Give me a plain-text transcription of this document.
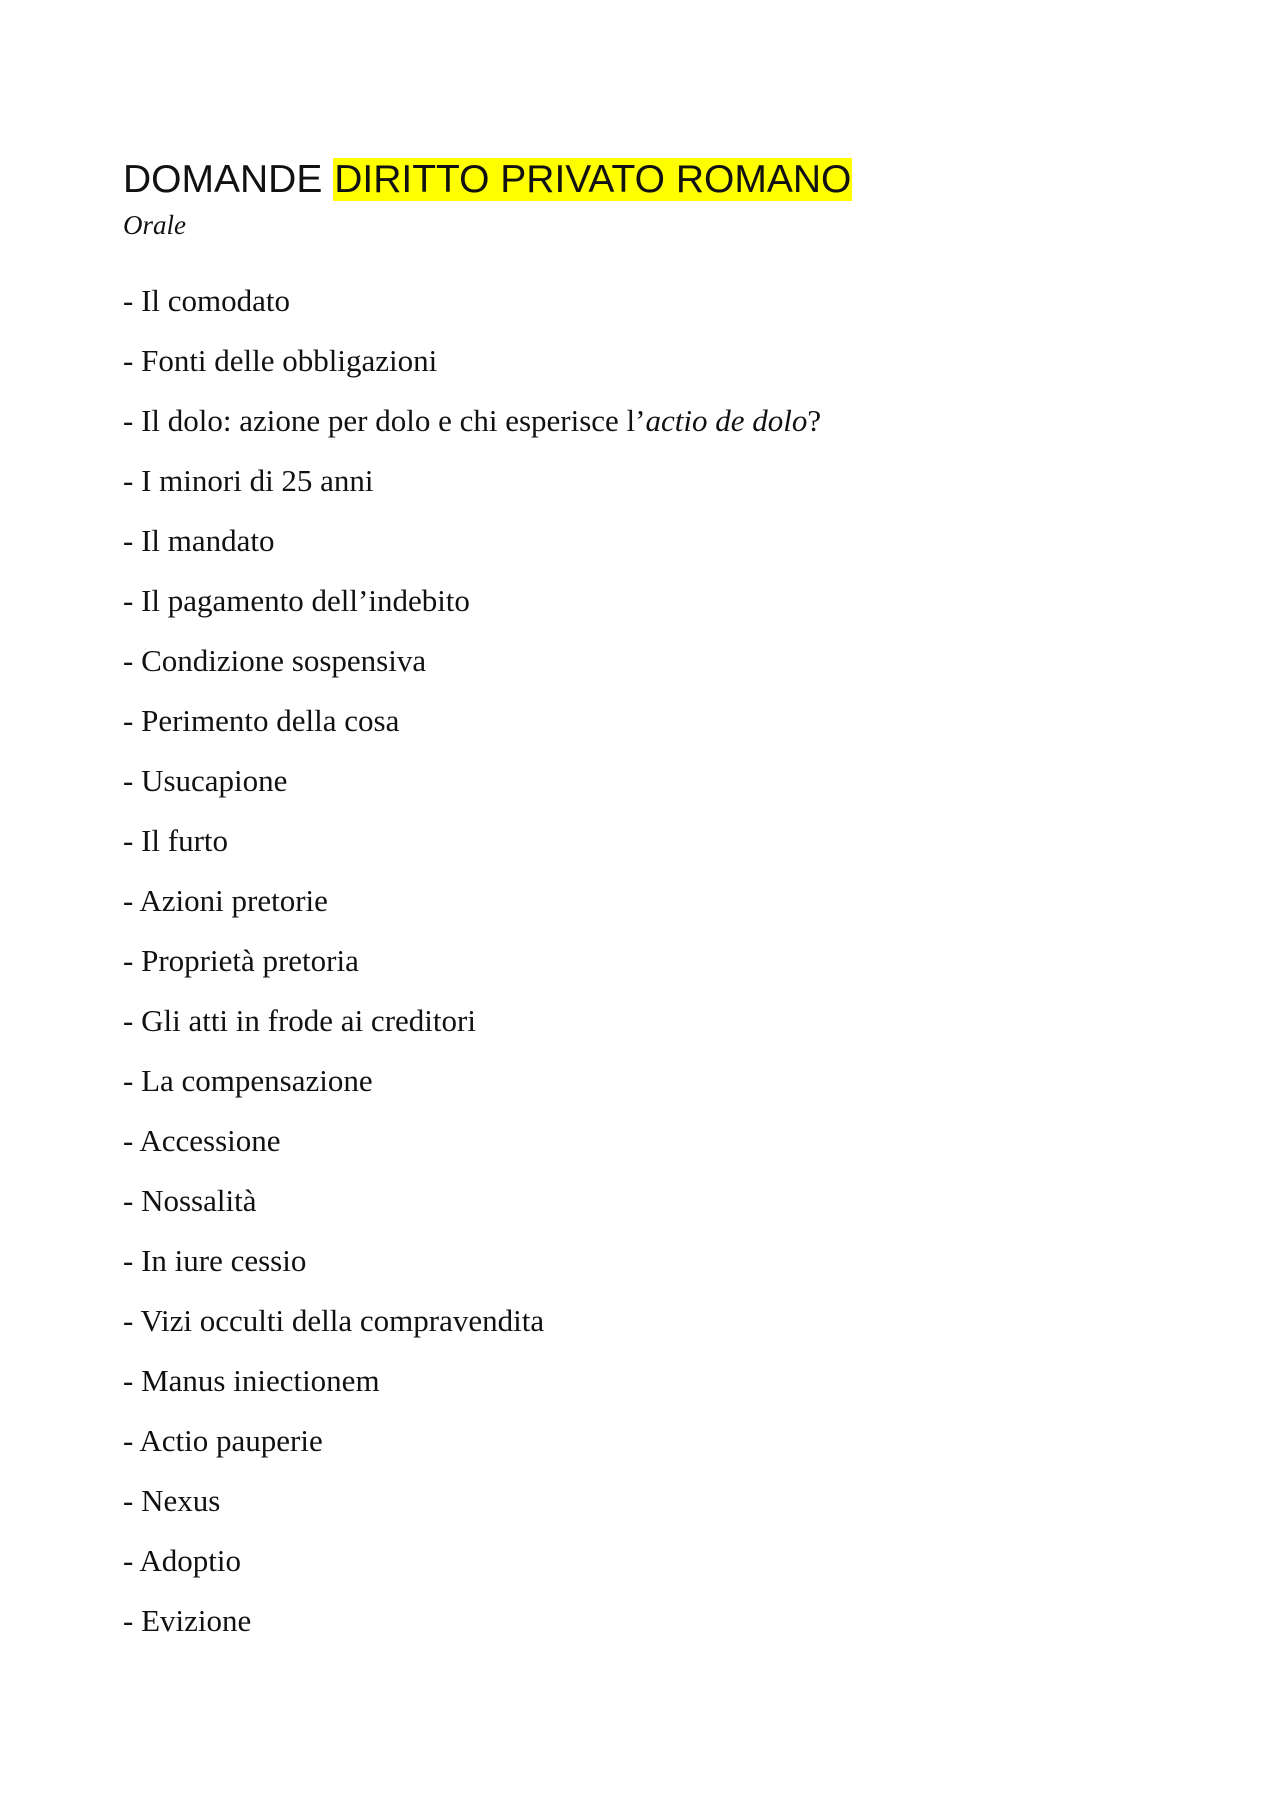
DOMANDE DIRITTO PRIVATO ROMANO
Orale
- Il comodato
- Fonti delle obbligazioni
- Il dolo: azione per dolo e chi esperisce l’actio de dolo?
- I minori di 25 anni
- Il mandato
- Il pagamento dell’indebito
- Condizione sospensiva
- Perimento della cosa
- Usucapione
- Il furto
- Azioni pretorie
- Proprietà pretoria
- Gli atti in frode ai creditori
- La compensazione
- Accessione
- Nossalità
- In iure cessio
- Vizi occulti della compravendita
- Manus iniectionem
- Actio pauperie
- Nexus
- Adoptio
- Evizione
